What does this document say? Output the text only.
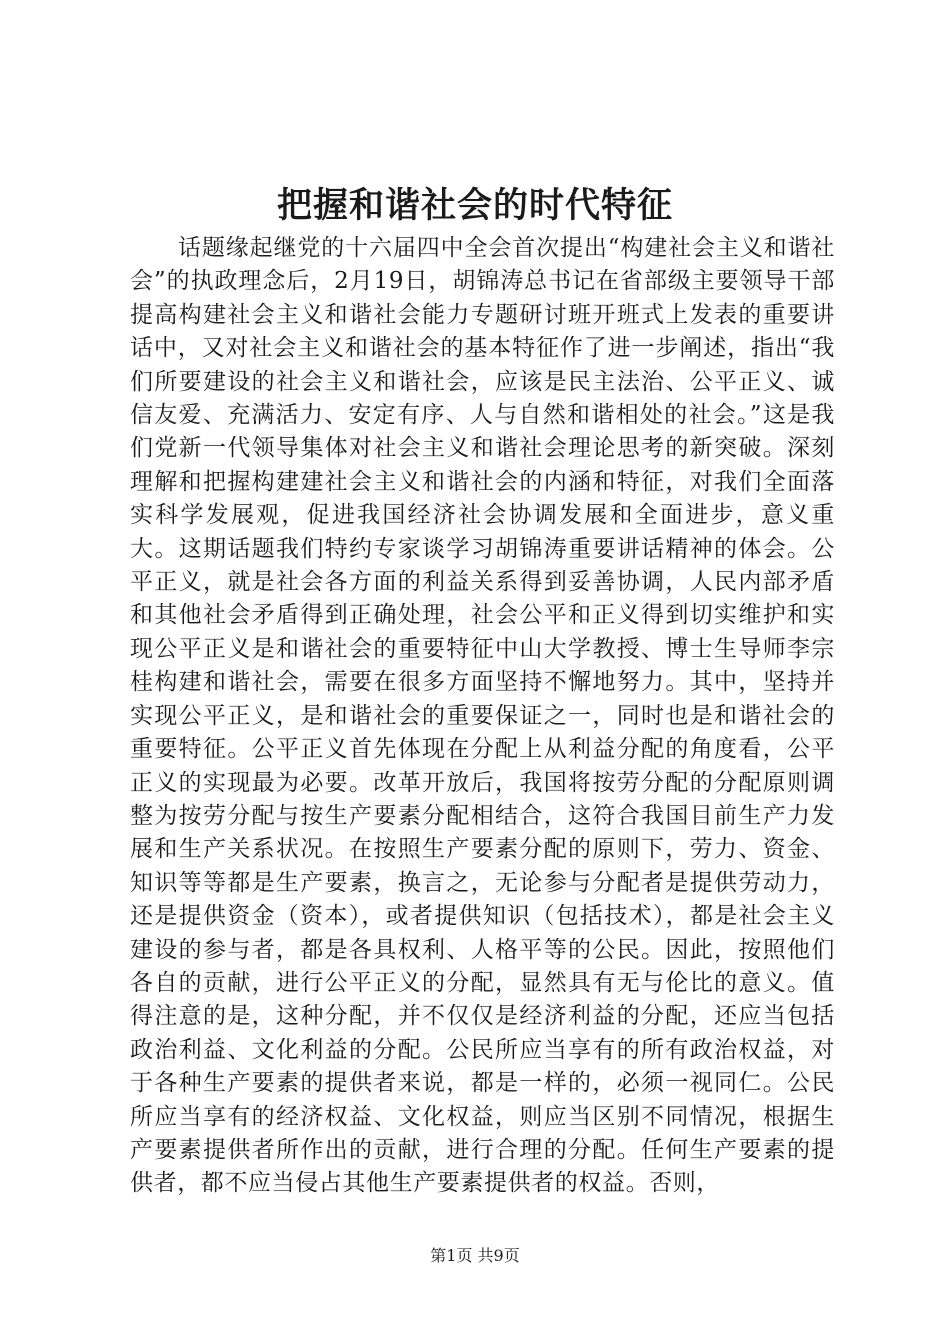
把握和谐社会的时代特征

话题缘起继党的十六届四中全会首次提出“构建社会主义和谐社会”的执政理念后，2月19日，胡锦涛总书记在省部级主要领导干部提高构建社会主义和谐社会能力专题研讨班开班式上发表的重要讲话中，又对社会主义和谐社会的基本特征作了进一步阐述，指出“我们所要建设的社会主义和谐社会，应该是民主法治、公平正义、诚信友爱、充满活力、安定有序、人与自然和谐相处的社会。”这是我们党新一代领导集体对社会主义和谐社会理论思考的新突破。深刻理解和把握构建建社会主义和谐社会的内涵和特征，对我们全面落实科学发展观，促进我国经济社会协调发展和全面进步，意义重大。这期话题我们特约专家谈学习胡锦涛重要讲话精神的体会。公平正义，就是社会各方面的利益关系得到妥善协调，人民内部矛盾和其他社会矛盾得到正确处理，社会公平和正义得到切实维护和实现公平正义是和谐社会的重要特征中山大学教授、博士生导师李宗桂构建和谐社会，需要在很多方面坚持不懈地努力。其中，坚持并实现公平正义，是和谐社会的重要保证之一，同时也是和谐社会的重要特征。公平正义首先体现在分配上从利益分配的角度看，公平正义的实现最为必要。改革开放后，我国将按劳分配的分配原则调整为按劳分配与按生产要素分配相结合，这符合我国目前生产力发展和生产关系状况。在按照生产要素分配的原则下，劳力、资金、知识等等都是生产要素，换言之，无论参与分配者是提供劳动力，还是提供资金（资本），或者提供知识（包括技术），都是社会主义建设的参与者，都是各具权利、人格平等的公民。因此，按照他们各自的贡献，进行公平正义的分配，显然具有无与伦比的意义。值得注意的是，这种分配，并不仅仅是经济利益的分配，还应当包括政治利益、文化利益的分配。公民所应当享有的所有政治权益，对于各种生产要素的提供者来说，都是一样的，必须一视同仁。公民所应当享有的经济权益、文化权益，则应当区别不同情况，根据生产要素提供者所作出的贡献，进行合理的分配。任何生产要素的提供者，都不应当侵占其他生产要素提供者的权益。否则，

第1页 共9页
